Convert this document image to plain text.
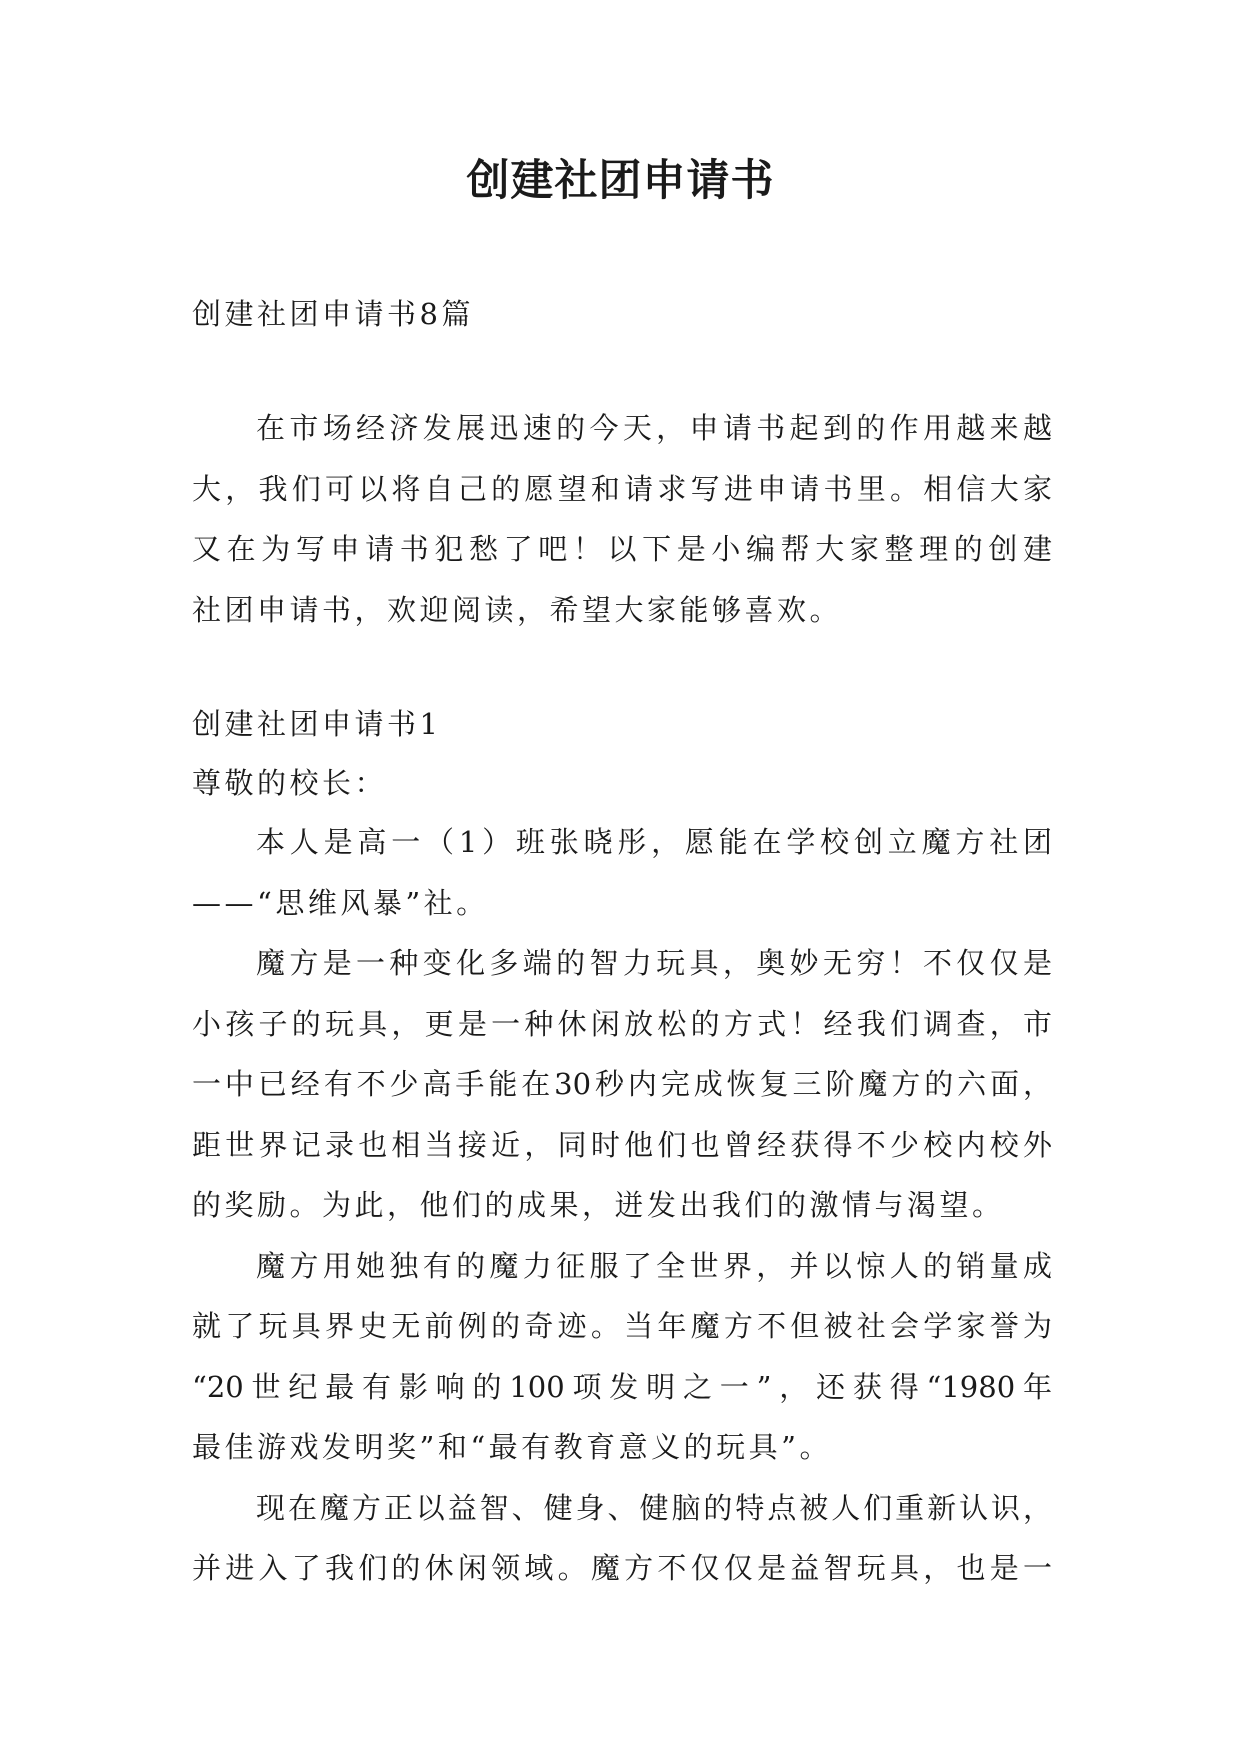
创建社团申请书
创建社团申请书8篇
在市场经济发展迅速的今天，申请书起到的作用越来越
大，我们可以将自己的愿望和请求写进申请书里。相信大家
又在为写申请书犯愁了吧！以下是小编帮大家整理的创建
社团申请书，欢迎阅读，希望大家能够喜欢。
创建社团申请书1
尊敬的校长：
本人是高一（1）班张晓彤，愿能在学校创立魔方社团
——“思维风暴”社。
魔方是一种变化多端的智力玩具，奥妙无穷！不仅仅是
小孩子的玩具，更是一种休闲放松的方式！经我们调查，市
一中已经有不少高手能在30秒内完成恢复三阶魔方的六面，
距世界记录也相当接近，同时他们也曾经获得不少校内校外
的奖励。为此，他们的成果，迸发出我们的激情与渴望。
魔方用她独有的魔力征服了全世界，并以惊人的销量成
就了玩具界史无前例的奇迹。当年魔方不但被社会学家誉为
“20世纪最有影响的100项发明之一”，还获得“1980年
最佳游戏发明奖”和“最有教育意义的玩具”。
现在魔方正以益智、健身、健脑的特点被人们重新认识，
并进入了我们的休闲领域。魔方不仅仅是益智玩具，也是一
